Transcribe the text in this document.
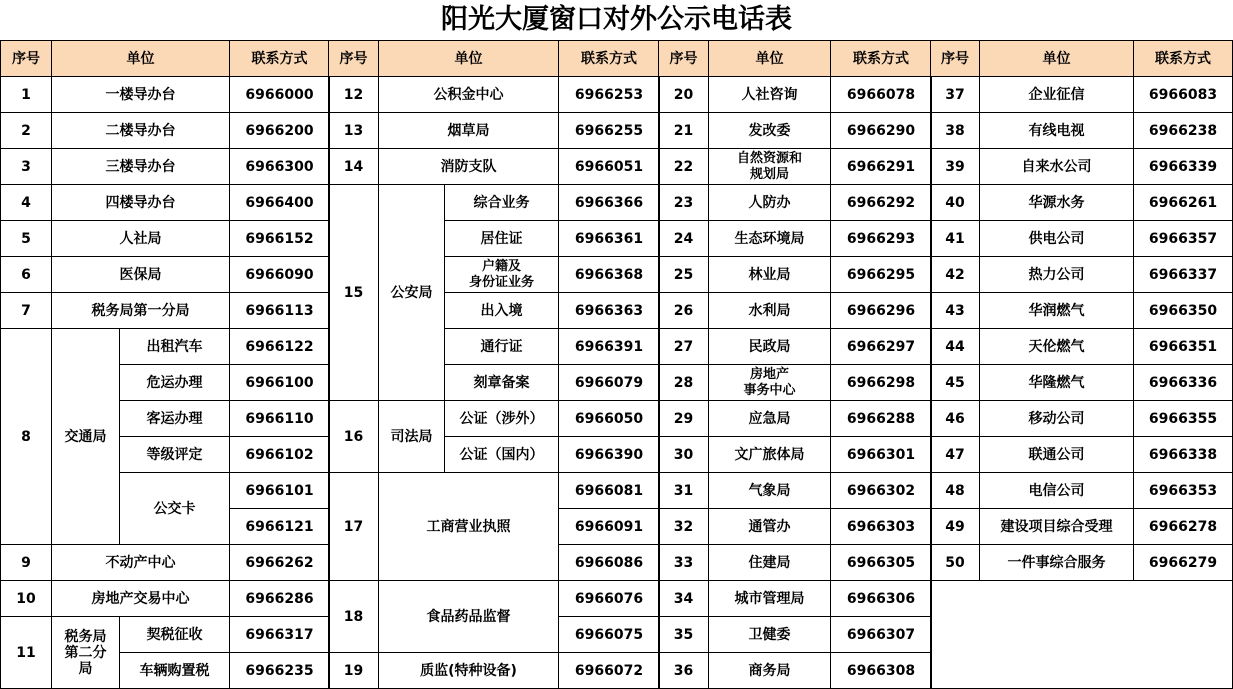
阳光大厦窗口对外公示电话表
序号	单位		联系方式
1	一楼导办台		6966000
2	二楼导办台		6966200
3	三楼导办台		6966300
4	四楼导办台		6966400
5	人社局		6966152
6	医保局		6966090
7	税务局第一分局		6966113
8	交通局	出租汽车	6966122
		危运办理	6966100
		客运办理	6966110
		等级评定	6966102
		公交卡	6966101
			6966121
9	不动产中心		6966262
10	房地产交易中心		6966286
11	税务局
第二分
局	契税征收	6966317
		车辆购置税	6966235
序号	单位		联系方式
12	公积金中心		6966253
13	烟草局		6966255
14	消防支队		6966051
15	公安局	综合业务	6966366
		居住证	6966361

		户籍及
身份证业务	6966368
		出入境	6966363
		通行证	6966391
		刻章备案	6966079
16	司法局	公证（涉外）	6966050
		公证（国内）	6966390
17	工商营业执照		6966081
			6966091
			6966086
18	食品药品监督		6966076
			6966075
19	质监(特种设备)		6966072
序号	单位	联系方式
20	人社咨询	6966078
21	发改委	6966290
22	自然资源和
规划局	6966291
23	人防办	6966292
24	生态环境局	6966293
25	林业局	6966295
26	水利局	6966296
27	民政局	6966297
28	房地产
事务中心	6966298
29	应急局	6966288
30	文广旅体局	6966301
31	气象局	6966302
32	通管办	6966303
33	住建局	6966305
34	城市管理局	6966306
35	卫健委	6966307
36	商务局	6966308
序号	单位	联系方式
37	企业征信	6966083
38	有线电视	6966238
39	自来水公司	6966339
40	华源水务	6966261
41	供电公司	6966357
42	热力公司	6966337
43	华润燃气	6966350
44	天伦燃气	6966351
45	华隆燃气	6966336
46	移动公司	6966355
47	联通公司	6966338
48	电信公司	6966353
49	建设项目综合受理	6966278
50	一件事综合服务	6966279
